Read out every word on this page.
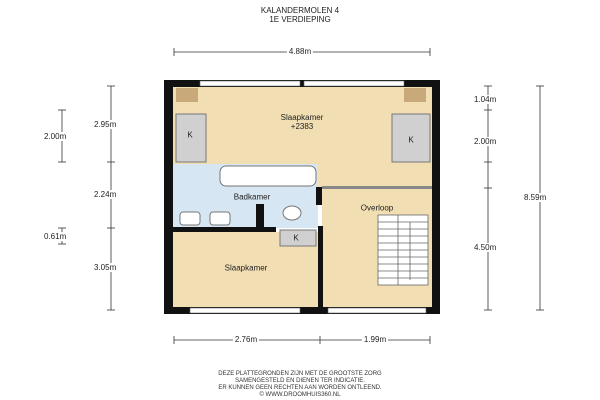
KALANDERMOLEN 4
1E VERDIEPING
4.88m
2.76m	1.99m
2.95m
2.24m
3.05m
2.00m
0.61m
1.04m
2.00m
4.50m
8.59m
Slaapkamer
+2383
Badkamer
Overloop
Slaapkamer
K
K
K
DEZE PLATTEGRONDEN ZIJN MET DE GROOTSTE ZORG
SAMENGESTELD EN DIENEN TER INDICATIE.
ER KUNNEN GEEN RECHTEN AAN WORDEN ONTLEEND.
© WWW.DROOMHUIS360.NL
